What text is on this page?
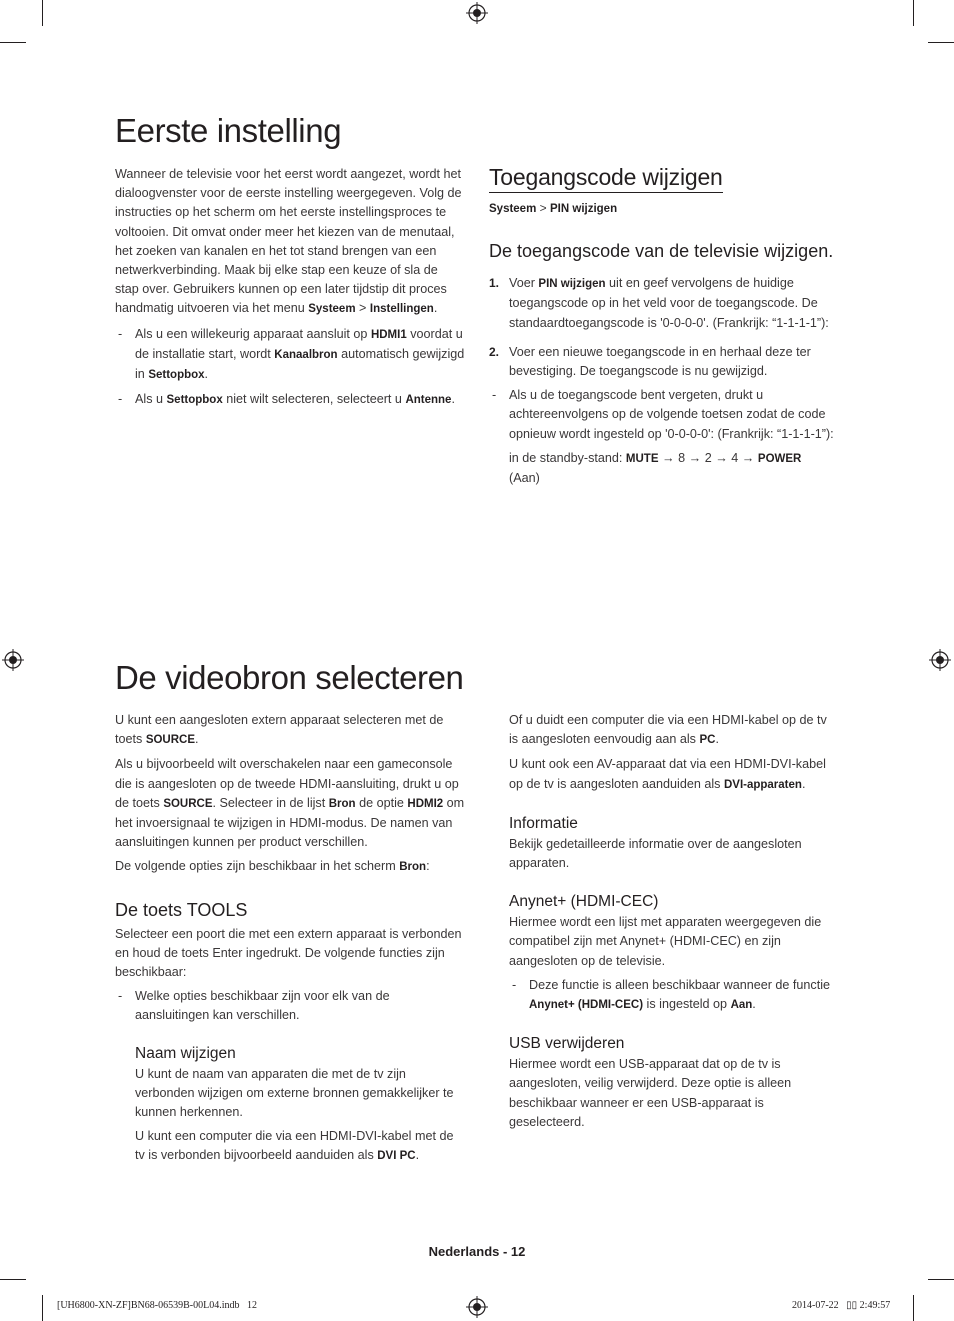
Eerste instelling

Wanneer de televisie voor het eerst wordt aangezet, wordt het dialoogvenster voor de eerste instelling weergegeven. Volg de instructies op het scherm om het eerste instellingsproces te voltooien. Dit omvat onder meer het kiezen van de menutaal, het zoeken van kanalen en het tot stand brengen van een netwerkverbinding. Maak bij elke stap een keuze of sla de stap over. Gebruikers kunnen op een later tijdstip dit proces handmatig uitvoeren via het menu Systeem > Instellingen.

- Als u een willekeurig apparaat aansluit op HDMI1 voordat u de installatie start, wordt Kanaalbron automatisch gewijzigd in Settopbox.

- Als u Settopbox niet wilt selecteren, selecteert u Antenne.

Toegangscode wijzigen

Systeem > PIN wijzigen

De toegangscode van de televisie wijzigen.

1. Voer PIN wijzigen uit en geef vervolgens de huidige toegangscode op in het veld voor de toegangscode. De standaardtoegangscode is '0-0-0-0'. (Frankrijk: “1-1-1-1”):

2. Voer een nieuwe toegangscode in en herhaal deze ter bevestiging. De toegangscode is nu gewijzigd.

- Als u de toegangscode bent vergeten, drukt u achtereenvolgens op de volgende toetsen zodat de code opnieuw wordt ingesteld op '0-0-0-0': (Frankrijk: “1-1-1-1”):

in de standby-stand: MUTE → 8 → 2 → 4 → POWER
(Aan)

De videobron selecteren

U kunt een aangesloten extern apparaat selecteren met de toets SOURCE.

Als u bijvoorbeeld wilt overschakelen naar een gameconsole die is aangesloten op de tweede HDMI-aansluiting, drukt u op de toets SOURCE. Selecteer in de lijst Bron de optie HDMI2 om het invoersignaal te wijzigen in HDMI-modus. De namen van aansluitingen kunnen per product verschillen.

De volgende opties zijn beschikbaar in het scherm Bron:

De toets TOOLS

Selecteer een poort die met een extern apparaat is verbonden en houd de toets Enter ingedrukt. De volgende functies zijn beschikbaar:

- Welke opties beschikbaar zijn voor elk van de aansluitingen kan verschillen.

Naam wijzigen

U kunt de naam van apparaten die met de tv zijn verbonden wijzigen om externe bronnen gemakkelijker te kunnen herkennen.

U kunt een computer die via een HDMI-DVI-kabel met de tv is verbonden bijvoorbeeld aanduiden als DVI PC.

Of u duidt een computer die via een HDMI-kabel op de tv is aangesloten eenvoudig aan als PC.

U kunt ook een AV-apparaat dat via een HDMI-DVI-kabel op de tv is aangesloten aanduiden als DVI-apparaten.

Informatie

Bekijk gedetailleerde informatie over de aangesloten apparaten.

Anynet+ (HDMI-CEC)

Hiermee wordt een lijst met apparaten weergegeven die compatibel zijn met Anynet+ (HDMI-CEC) en zijn aangesloten op de televisie.

- Deze functie is alleen beschikbaar wanneer de functie Anynet+ (HDMI-CEC) is ingesteld op Aan.

USB verwijderen

Hiermee wordt een USB-apparaat dat op de tv is aangesloten, veilig verwijderd. Deze optie is alleen beschikbaar wanneer er een USB-apparaat is geselecteerd.

Nederlands - 12
[UH6800-XN-ZF]BN68-06539B-00L04.indb   12	2014-07-22   ▯▯ 2:49:57
